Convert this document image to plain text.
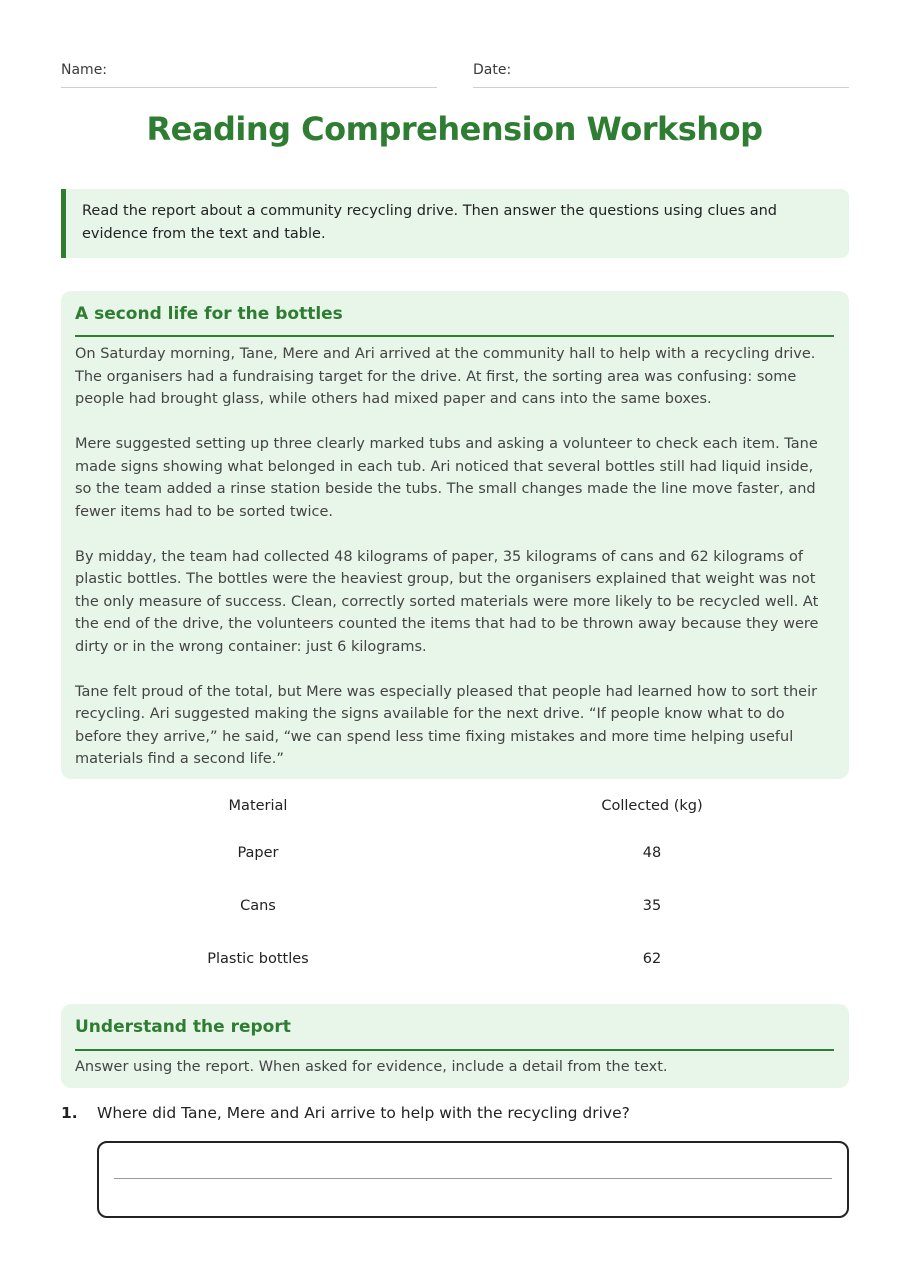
Name:	Date:
Reading Comprehension Workshop
Read the report about a community recycling drive. Then answer the questions using clues and evidence from the text and table.
A second life for the bottles

On Saturday morning, Tane, Mere and Ari arrived at the community hall to help with a recycling drive. The organisers had a fundraising target for the drive. At first, the sorting area was confusing: some people had brought glass, while others had mixed paper and cans into the same boxes.

Mere suggested setting up three clearly marked tubs and asking a volunteer to check each item. Tane made signs showing what belonged in each tub. Ari noticed that several bottles still had liquid inside, so the team added a rinse station beside the tubs. The small changes made the line move faster, and fewer items had to be sorted twice.

By midday, the team had collected 48 kilograms of paper, 35 kilograms of cans and 62 kilograms of plastic bottles. The bottles were the heaviest group, but the organisers explained that weight was not the only measure of success. Clean, correctly sorted materials were more likely to be recycled well. At the end of the drive, the volunteers counted the items that had to be thrown away because they were dirty or in the wrong container: just 6 kilograms.

Tane felt proud of the total, but Mere was especially pleased that people had learned how to sort their recycling. Ari suggested making the signs available for the next drive. “If people know what to do before they arrive,” he said, “we can spend less time fixing mistakes and more time helping useful materials find a second life.”

Material	Collected (kg)
Paper	48
Cans	35
Plastic bottles	62
Understand the report
Answer using the report. When asked for evidence, include a detail from the text.
1.	Where did Tane, Mere and Ari arrive to help with the recycling drive?
